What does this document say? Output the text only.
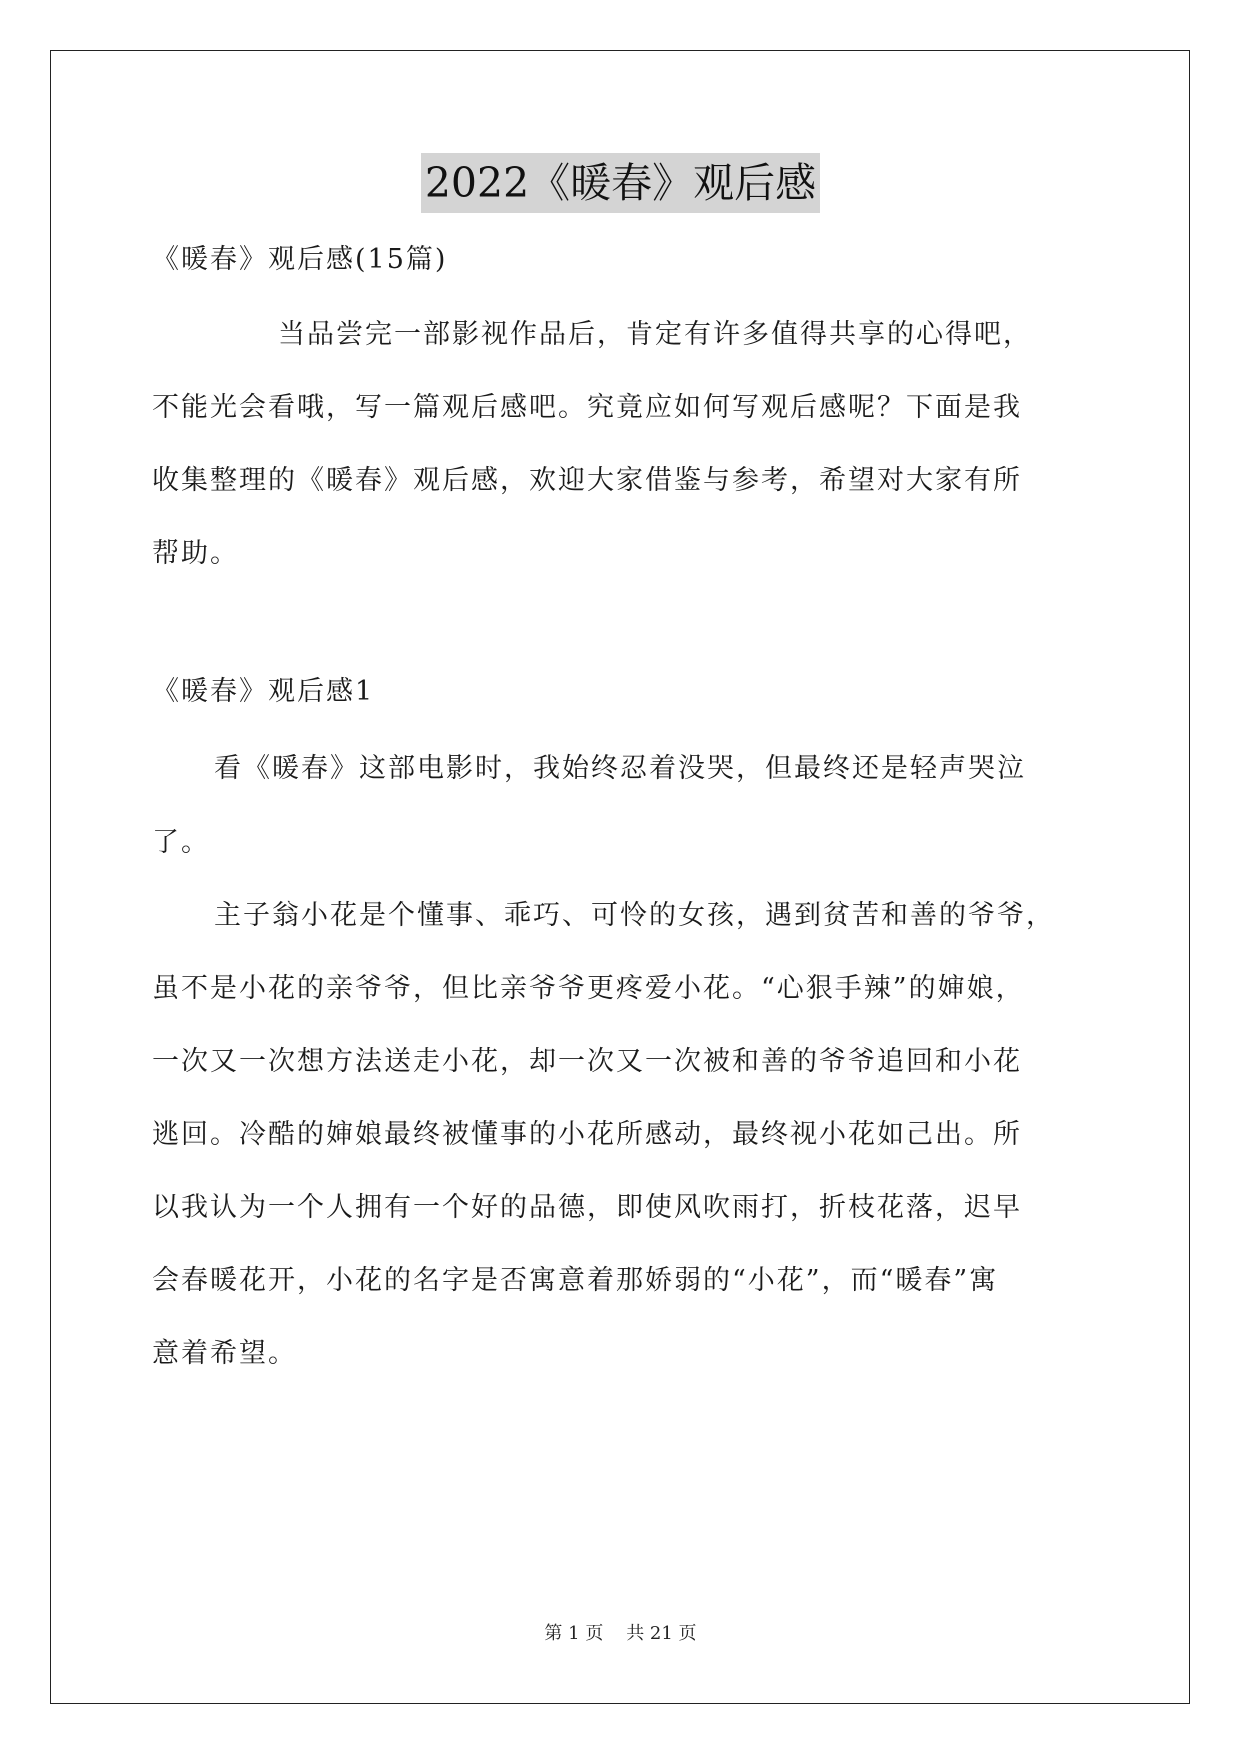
2022《暖春》观后感
《暖春》观后感(15篇)
当品尝完一部影视作品后，肯定有许多值得共享的心得吧，
不能光会看哦，写一篇观后感吧。究竟应如何写观后感呢？下面是我
收集整理的《暖春》观后感，欢迎大家借鉴与参考，希望对大家有所
帮助。
《暖春》观后感1
看《暖春》这部电影时，我始终忍着没哭，但最终还是轻声哭泣
了。
主子翁小花是个懂事、乖巧、可怜的女孩，遇到贫苦和善的爷爷，
虽不是小花的亲爷爷，但比亲爷爷更疼爱小花。“心狠手辣”的婶娘，
一次又一次想方法送走小花，却一次又一次被和善的爷爷追回和小花
逃回。冷酷的婶娘最终被懂事的小花所感动，最终视小花如己出。所
以我认为一个人拥有一个好的品德，即使风吹雨打，折枝花落，迟早
会春暖花开，小花的名字是否寓意着那娇弱的“小花”，而“暖春”寓
意着希望。
第 1 页    共 21 页
